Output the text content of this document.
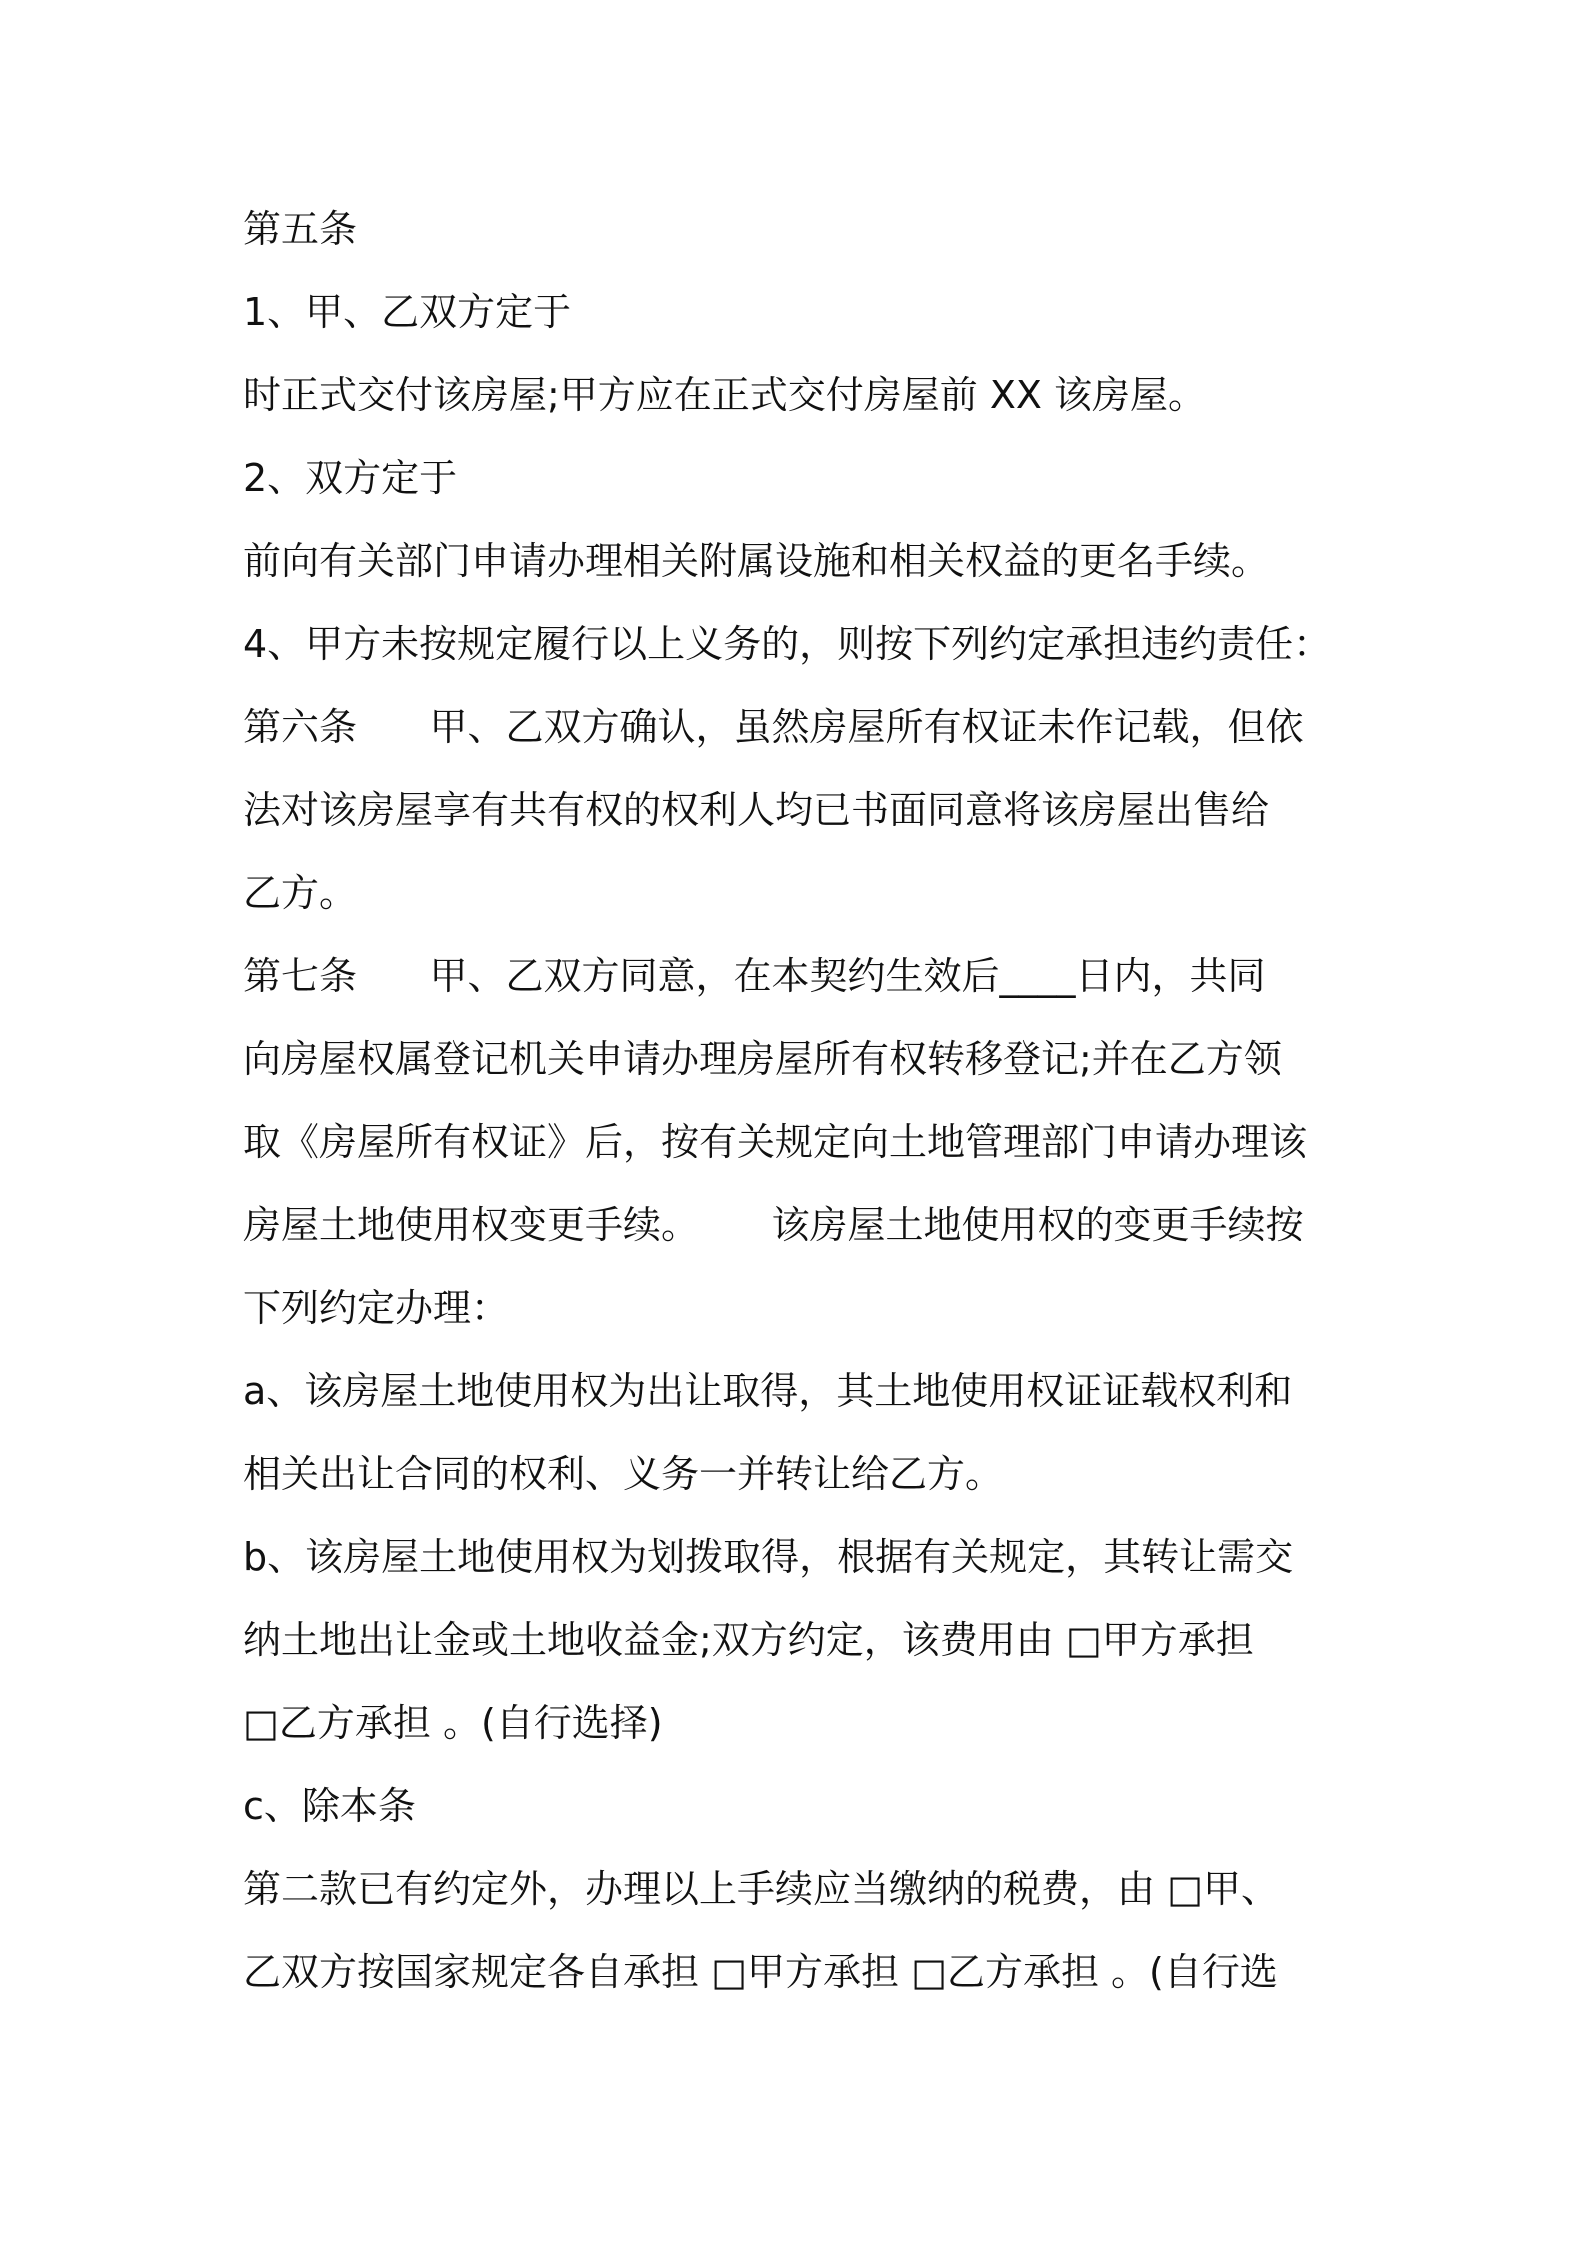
第五条
1、甲、乙双方定于
时正式交付该房屋;甲方应在正式交付房屋前 XX 该房屋。
2、双方定于
前向有关部门申请办理相关附属设施和相关权益的更名手续。
4、甲方未按规定履行以上义务的，则按下列约定承担违约责任：
第六条      甲、乙双方确认，虽然房屋所有权证未作记载，但依
法对该房屋享有共有权的权利人均已书面同意将该房屋出售给
乙方。
第七条      甲、乙双方同意，在本契约生效后____日内，共同
向房屋权属登记机关申请办理房屋所有权转移登记;并在乙方领
取《房屋所有权证》后，按有关规定向土地管理部门申请办理该
房屋土地使用权变更手续。      该房屋土地使用权的变更手续按
下列约定办理：
a、该房屋土地使用权为出让取得，其土地使用权证证载权利和
相关出让合同的权利、义务一并转让给乙方。
b、该房屋土地使用权为划拨取得，根据有关规定，其转让需交
纳土地出让金或土地收益金;双方约定，该费用由 □甲方承担
□乙方承担 。(自行选择)
c、除本条
第二款已有约定外，办理以上手续应当缴纳的税费，由 □甲、
乙双方按国家规定各自承担 □甲方承担 □乙方承担 。(自行选
